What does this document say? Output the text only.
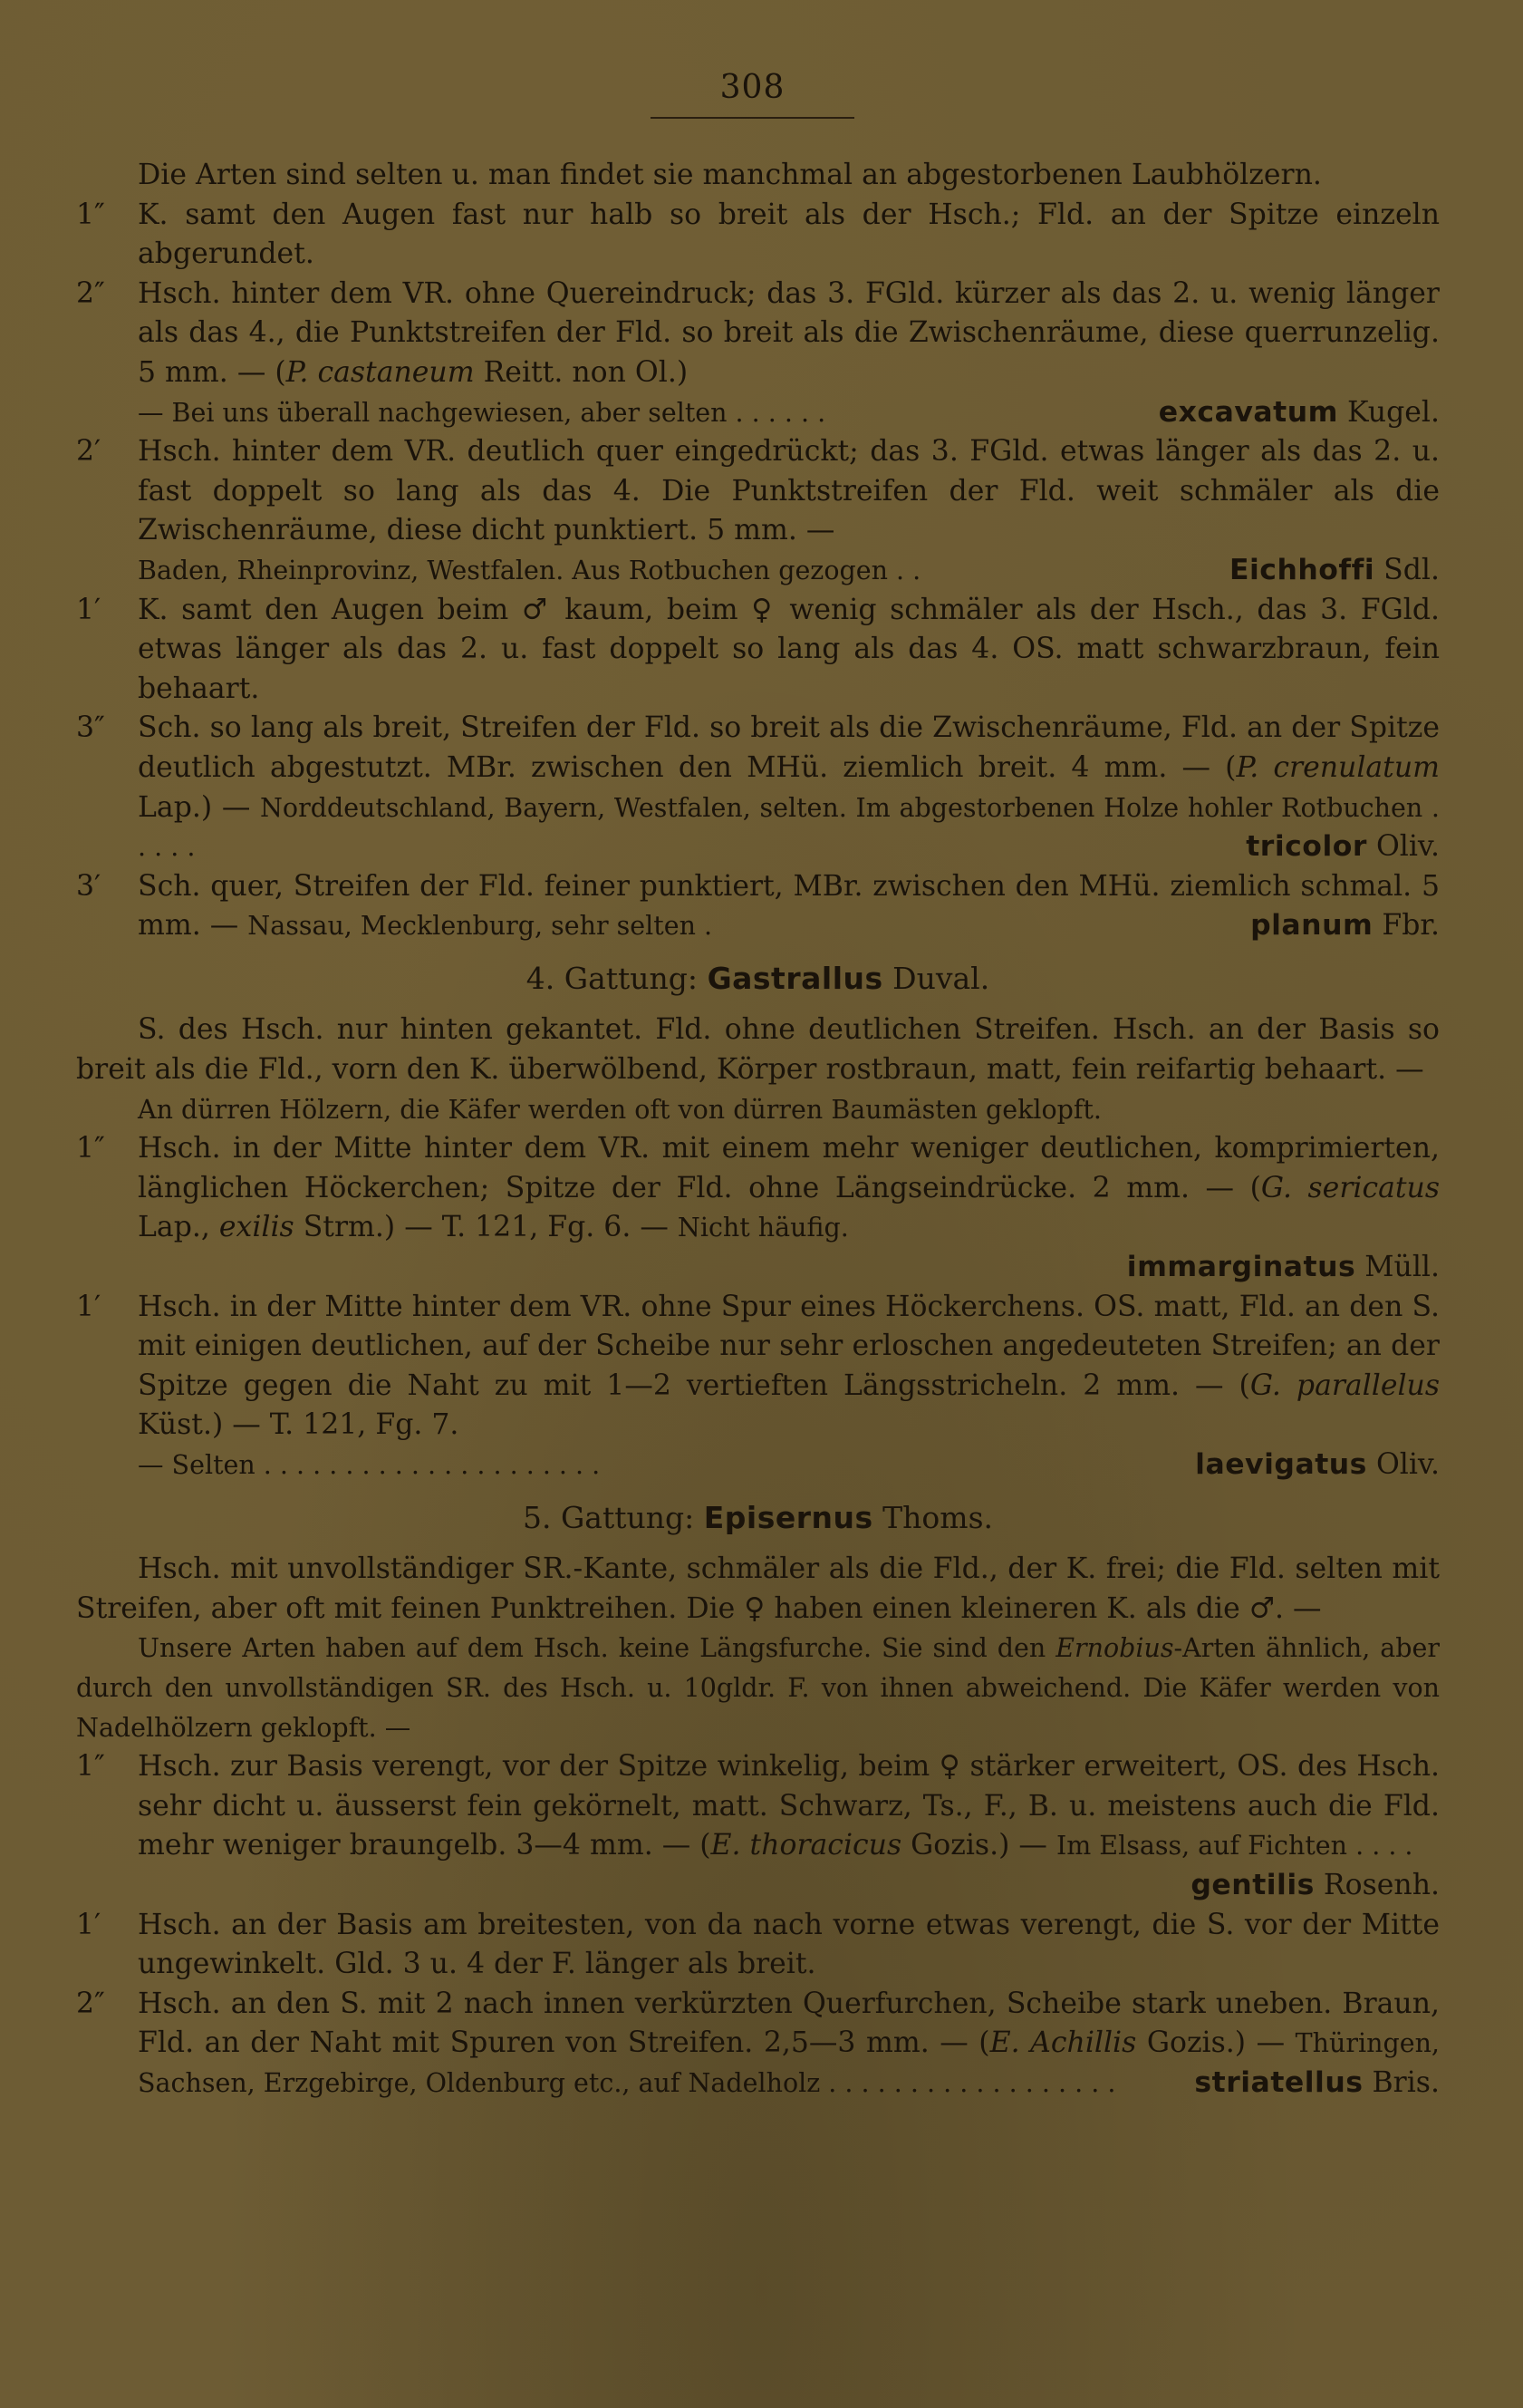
308
Die Arten sind selten u. man findet sie manchmal an abgestorbenen Laubhölzern.
1″	K. samt den Augen fast nur halb so breit als der Hsch.; Fld. an der Spitze einzeln abgerundet.
2″	Hsch. hinter dem VR. ohne Quereindruck; das 3. FGld. kürzer als das 2. u. wenig länger als das 4., die Punktstreifen der Fld. so breit als die Zwischenräume, diese querrunzelig. 5 mm. — (P. castaneum Reitt. non Ol.)
— Bei uns überall nachgewiesen, aber selten . . . . . .	excavatum Kugel.
2′	Hsch. hinter dem VR. deutlich quer eingedrückt; das 3. FGld. etwas länger als das 2. u. fast doppelt so lang als das 4. Die Punktstreifen der Fld. weit schmäler als die Zwischenräume, diese dicht punktiert. 5 mm. —
Baden, Rheinprovinz, Westfalen. Aus Rotbuchen gezogen . .	Eichhoffi Sdl.
1′	K. samt den Augen beim ♂ kaum, beim ♀ wenig schmäler als der Hsch., das 3. FGld. etwas länger als das 2. u. fast doppelt so lang als das 4. OS. matt schwarzbraun, fein behaart.
3″	Sch. so lang als breit, Streifen der Fld. so breit als die Zwischenräume, Fld. an der Spitze deutlich abgestutzt. MBr. zwischen den MHü. ziemlich breit. 4 mm. — (P. crenulatum Lap.) — Norddeutschland, Bayern, Westfalen, selten. Im abgestorbenen Holze hohler Rotbuchen . . . . .	tricolor Oliv.
3′	Sch. quer, Streifen der Fld. feiner punktiert, MBr. zwischen den MHü. ziemlich schmal. 5 mm. — Nassau, Mecklenburg, sehr selten .	planum Fbr.
4. Gattung: Gastrallus Duval.
S. des Hsch. nur hinten gekantet. Fld. ohne deutlichen Streifen. Hsch. an der Basis so breit als die Fld., vorn den K. überwölbend, Körper rostbraun, matt, fein reifartig behaart. —
An dürren Hölzern, die Käfer werden oft von dürren Baumästen geklopft.
1″	Hsch. in der Mitte hinter dem VR. mit einem mehr weniger deutlichen, komprimierten, länglichen Höckerchen; Spitze der Fld. ohne Längseindrücke. 2 mm. — (G. sericatus Lap., exilis Strm.) — T. 121, Fg. 6. — Nicht häufig.
immarginatus Müll.
1′	Hsch. in der Mitte hinter dem VR. ohne Spur eines Höckerchens. OS. matt, Fld. an den S. mit einigen deutlichen, auf der Scheibe nur sehr erloschen angedeuteten Streifen; an der Spitze gegen die Naht zu mit 1—2 vertieften Längsstricheln. 2 mm. — (G. parallelus Küst.) — T. 121, Fg. 7.
— Selten . . . . . . . . . . . . . . . . . . . . .	laevigatus Oliv.
5. Gattung: Episernus Thoms.
Hsch. mit unvollständiger SR.-Kante, schmäler als die Fld., der K. frei; die Fld. selten mit Streifen, aber oft mit feinen Punktreihen. Die ♀ haben einen kleineren K. als die ♂. —
Unsere Arten haben auf dem Hsch. keine Längsfurche. Sie sind den Ernobius-Arten ähnlich, aber durch den unvollständigen SR. des Hsch. u. 10gldr. F. von ihnen abweichend. Die Käfer werden von Nadelhölzern geklopft. —
1″	Hsch. zur Basis verengt, vor der Spitze winkelig, beim ♀ stärker erweitert, OS. des Hsch. sehr dicht u. äusserst fein gekörnelt, matt. Schwarz, Ts., F., B. u. meistens auch die Fld. mehr weniger braungelb. 3—4 mm. — (E. thoracicus Gozis.) — Im Elsass, auf Fichten . . . .
gentilis Rosenh.
1′	Hsch. an der Basis am breitesten, von da nach vorne etwas verengt, die S. vor der Mitte ungewinkelt. Gld. 3 u. 4 der F. länger als breit.
2″	Hsch. an den S. mit 2 nach innen verkürzten Querfurchen, Scheibe stark uneben. Braun, Fld. an der Naht mit Spuren von Streifen. 2,5—3 mm. — (E. Achillis Gozis.) — Thüringen, Sachsen, Erzgebirge, Oldenburg etc., auf Nadelholz . . . . . . . . . . . . . . . . . .	striatellus Bris.
